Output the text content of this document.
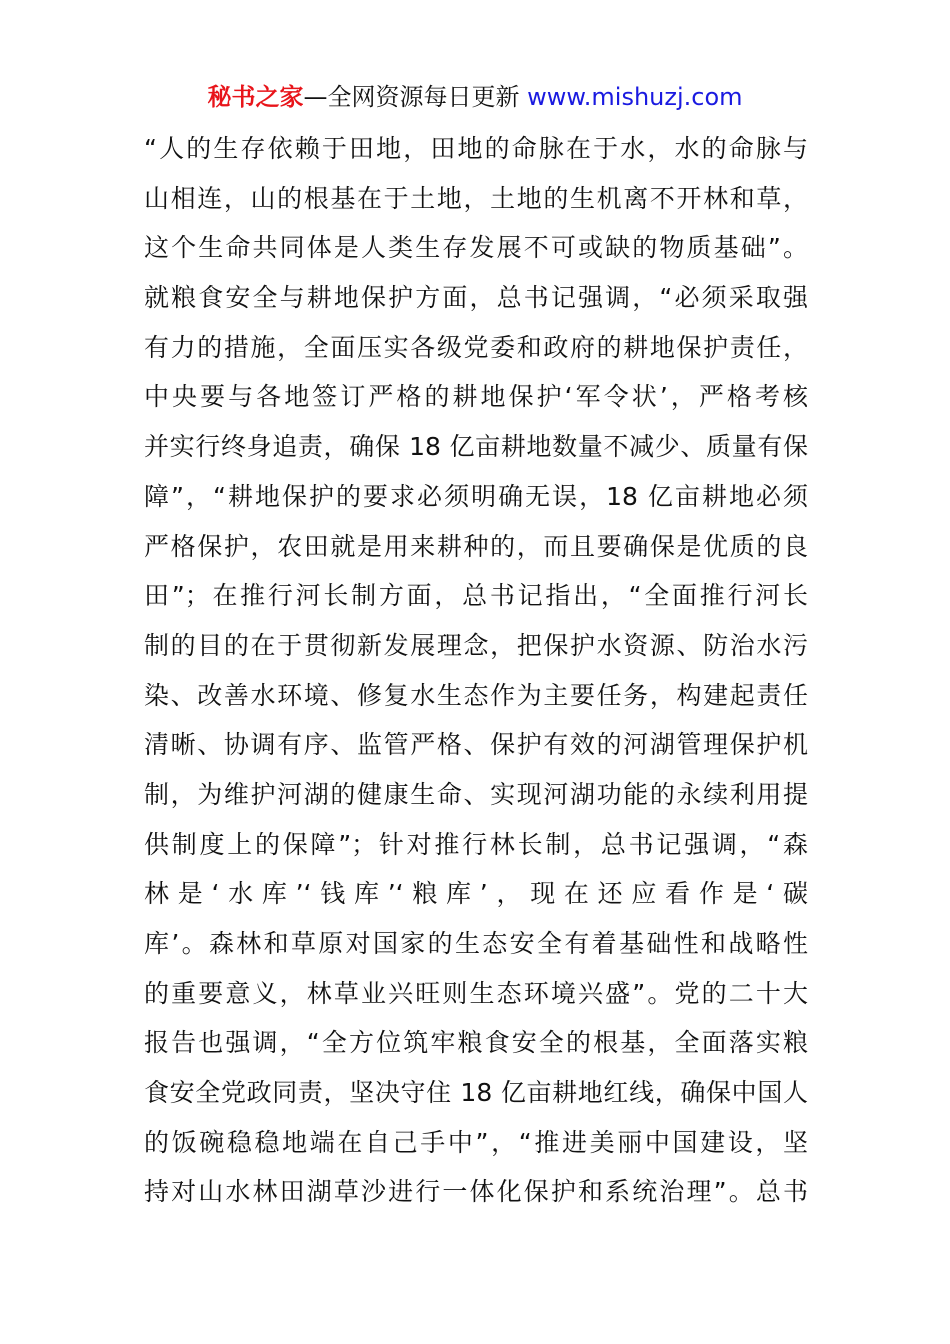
秘书之家—全网资源每日更新 www.mishuzj.com
“人的生存依赖于田地，田地的命脉在于水，水的命脉与
山相连，山的根基在于土地，土地的生机离不开林和草，
这个生命共同体是人类生存发展不可或缺的物质基础”。
就粮食安全与耕地保护方面，总书记强调，“必须采取强
有力的措施，全面压实各级党委和政府的耕地保护责任，
中央要与各地签订严格的耕地保护‘军令状’，严格考核
并实行终身追责，确保 18 亿亩耕地数量不减少、质量有保
障”，“耕地保护的要求必须明确无误，18 亿亩耕地必须
严格保护，农田就是用来耕种的，而且要确保是优质的良
田”；在推行河长制方面，总书记指出，“全面推行河长
制的目的在于贯彻新发展理念，把保护水资源、防治水污
染、改善水环境、修复水生态作为主要任务，构建起责任
清晰、协调有序、监管严格、保护有效的河湖管理保护机
制，为维护河湖的健康生命、实现河湖功能的永续利用提
供制度上的保障”；针对推行林长制，总书记强调，“森
林是‘水库’‘钱库’‘粮库’，现在还应看作是‘碳
库’。森林和草原对国家的生态安全有着基础性和战略性
的重要意义，林草业兴旺则生态环境兴盛”。党的二十大
报告也强调，“全方位筑牢粮食安全的根基，全面落实粮
食安全党政同责，坚决守住 18 亿亩耕地红线，确保中国人
的饭碗稳稳地端在自己手中”，“推进美丽中国建设，坚
持对山水林田湖草沙进行一体化保护和系统治理”。总书
